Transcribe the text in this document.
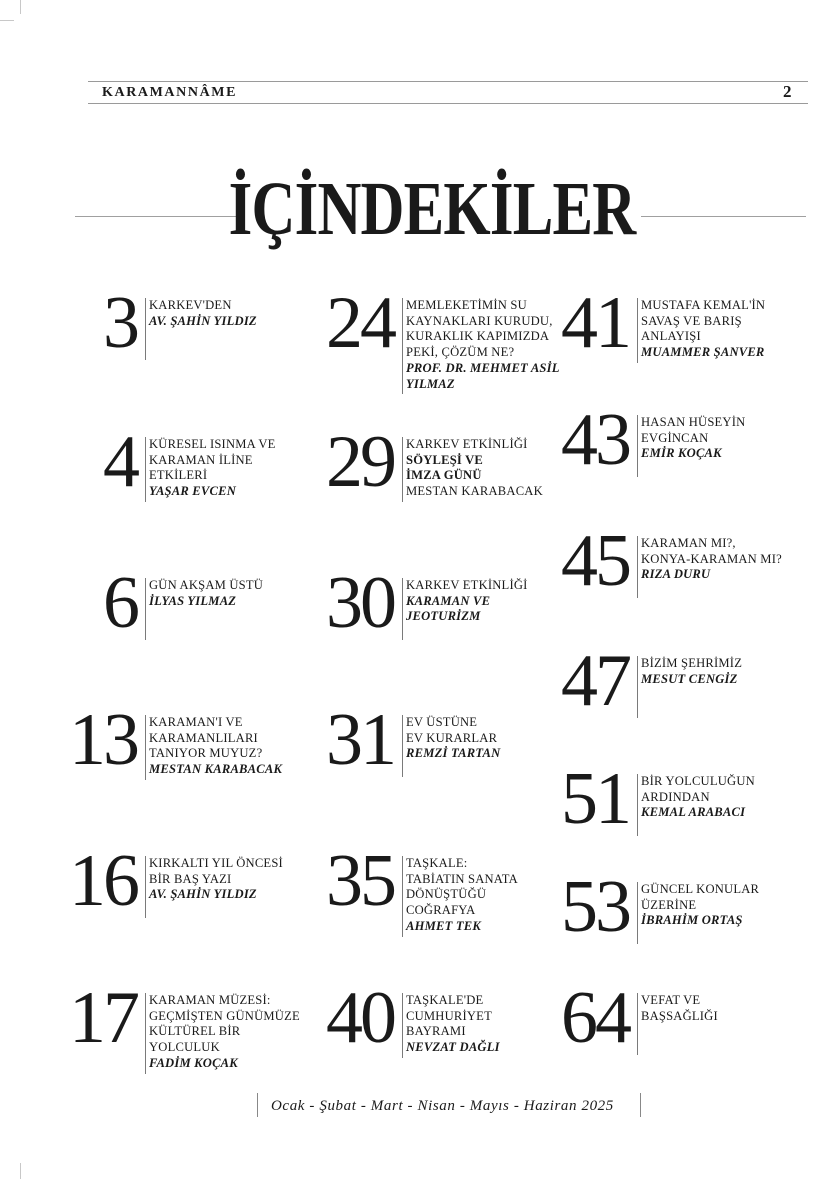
KARAMANNÂME	2
İÇİNDEKİLER
3 KARKEV'DEN
AV. ŞAHİN YILDIZ
4 KÜRESEL ISINMA VE
KARAMAN İLİNE
ETKİLERİ
YAŞAR EVCEN
6 GÜN AKŞAM ÜSTÜ
İLYAS YILMAZ
13 KARAMAN'I VE
KARAMANLILARI
TANIYOR MUYUZ?
MESTAN KARABACAK
16 KIRKALTI YIL ÖNCESİ
BİR BAŞ YAZI
AV. ŞAHİN YILDIZ
17 KARAMAN MÜZESİ:
GEÇMİŞTEN GÜNÜMÜZE
KÜLTÜREL BİR
YOLCULUK
FADİM KOÇAK
24 MEMLEKETİMİN SU
KAYNAKLARI KURUDU,
KURAKLIK KAPIMIZDA
PEKİ, ÇÖZÜM NE?
PROF. DR. MEHMET ASİL
YILMAZ
29 KARKEV ETKİNLİĞİ
SÖYLEŞİ VE
İMZA GÜNÜ
MESTAN KARABACAK
30 KARKEV ETKİNLİĞİ
KARAMAN VE
JEOTURİZM
31 EV ÜSTÜNE
EV KURARLAR
REMZİ TARTAN
35 TAŞKALE:
TABİATIN SANATA
DÖNÜŞTÜĞÜ
COĞRAFYA
AHMET TEK
40 TAŞKALE'DE
CUMHURİYET
BAYRAMI
NEVZAT DAĞLI
41 MUSTAFA KEMAL'İN
SAVAŞ VE BARIŞ
ANLAYIŞI
MUAMMER ŞANVER
43 HASAN HÜSEYİN
EVGİNCAN
EMİR KOÇAK
45 KARAMAN MI?,
KONYA-KARAMAN MI?
RIZA DURU
47 BİZİM ŞEHRİMİZ
MESUT CENGİZ
51 BİR YOLCULUĞUN
ARDINDAN
KEMAL ARABACI
53 GÜNCEL KONULAR
ÜZERİNE
İBRAHİM ORTAŞ
64 VEFAT VE
BAŞSAĞLIĞI
Ocak - Şubat - Mart - Nisan - Mayıs - Haziran 2025
